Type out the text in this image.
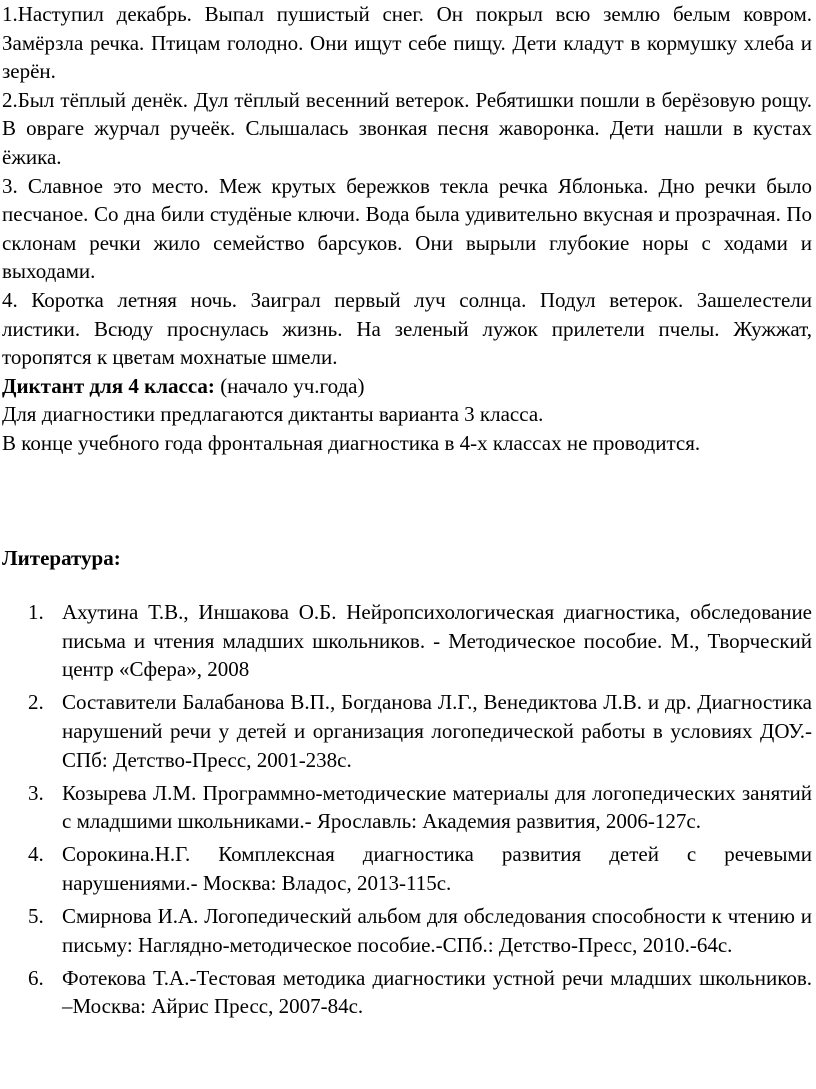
1.Наступил декабрь. Выпал пушистый снег. Он покрыл всю землю белым ковром. Замёрзла речка. Птицам голодно. Они ищут себе пищу. Дети кладут в кормушку хлеба и зерён.

2.Был тёплый денёк. Дул тёплый весенний ветерок. Ребятишки пошли в берёзовую рощу. В овраге журчал ручеёк. Слышалась звонкая песня жаворонка. Дети нашли в кустах ёжика.

3. Славное это место. Меж крутых бережков текла речка Яблонька. Дно речки было песчаное. Со дна били студёные ключи. Вода была удивительно вкусная и прозрачная. По склонам речки жило семейство барсуков. Они вырыли глубокие норы с ходами и выходами.

4. Коротка летняя ночь. Заиграл первый луч солнца. Подул ветерок. Зашелестели листики. Всюду проснулась жизнь. На зеленый лужок прилетели пчелы. Жужжат, торопятся к цветам мохнатые шмели.

Диктант для 4 класса: (начало уч.года)

Для диагностики предлагаются диктанты варианта 3 класса.

В конце учебного года фронтальная диагностика в 4-х классах не проводится.

Литература:

1. Ахутина Т.В., Иншакова О.Б. Нейропсихологическая диагностика, обследование письма и чтения младших школьников. - Методическое пособие. М., Творческий центр «Сфера», 2008
2. Составители Балабанова В.П., Богданова Л.Г., Венедиктова Л.В. и др. Диагностика нарушений речи у детей и организация логопедической работы в условиях ДОУ.- СПб: Детство-Пресс, 2001-238с.
3. Козырева Л.М. Программно-методические материалы для логопедических занятий с младшими школьниками.- Ярославль: Академия развития, 2006-127с.
4. Сорокина.Н.Г. Комплексная диагностика развития детей с речевыми нарушениями.- Москва: Владос, 2013-115с.
5. Смирнова И.А. Логопедический альбом для обследования способности к чтению и письму: Наглядно-методическое пособие.-СПб.: Детство-Пресс, 2010.-64с.
6. Фотекова Т.А.-Тестовая методика диагностики устной речи младших школьников. –Москва: Айрис Пресс, 2007-84с.
